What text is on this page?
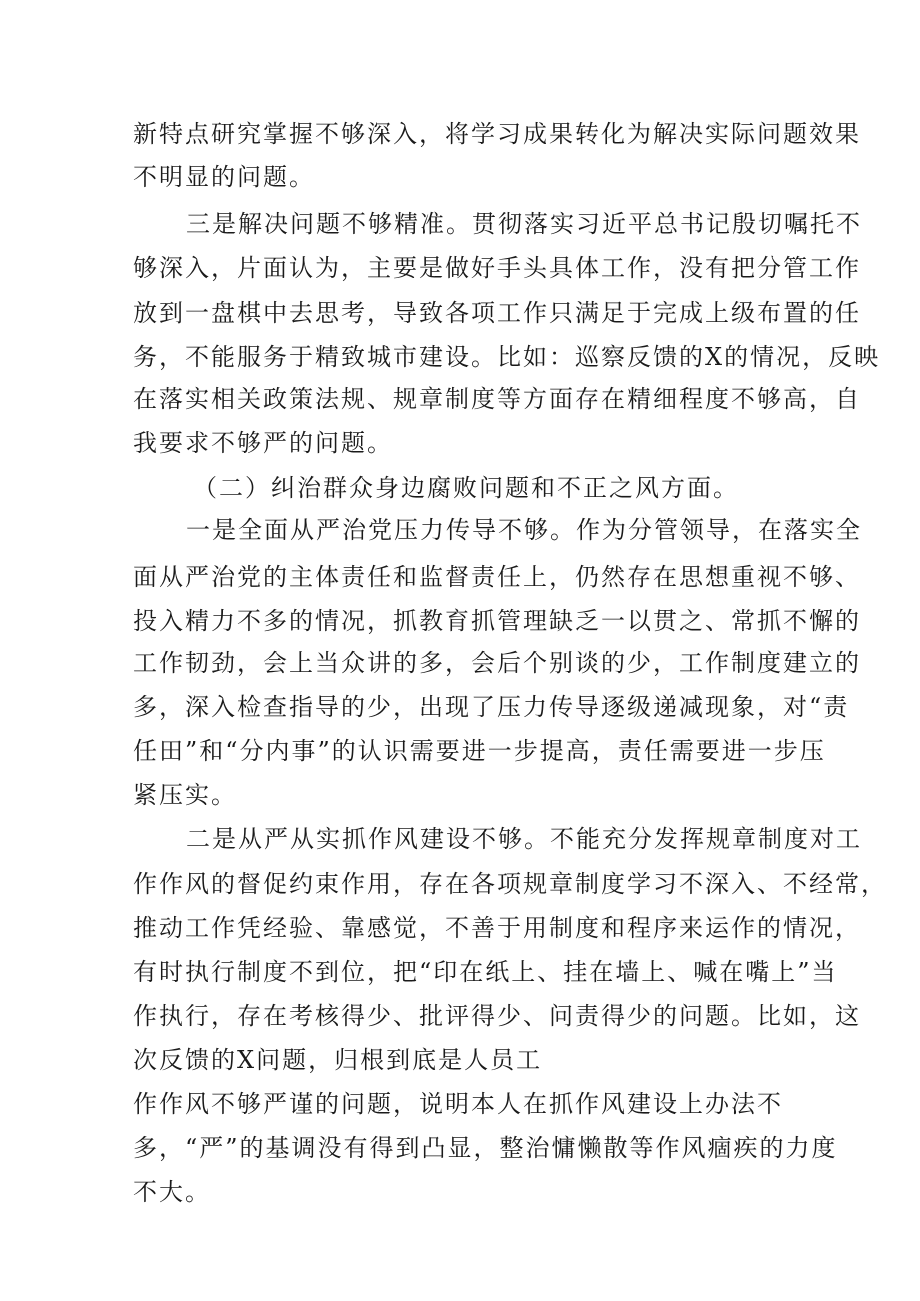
新特点研究掌握不够深入，将学习成果转化为解决实际问题效果
不明显的问题。
三是解决问题不够精准。贯彻落实习近平总书记殷切嘱托不
够深入，片面认为，主要是做好手头具体工作，没有把分管工作
放到一盘棋中去思考，导致各项工作只满足于完成上级布置的任
务，不能服务于精致城市建设。比如：巡察反馈的X的情况，反映
在落实相关政策法规、规章制度等方面存在精细程度不够高，自
我要求不够严的问题。
（二）纠治群众身边腐败问题和不正之风方面。
一是全面从严治党压力传导不够。作为分管领导，在落实全
面从严治党的主体责任和监督责任上，仍然存在思想重视不够、
投入精力不多的情况，抓教育抓管理缺乏一以贯之、常抓不懈的
工作韧劲，会上当众讲的多，会后个别谈的少，工作制度建立的
多，深入检查指导的少，出现了压力传导逐级递减现象，对“责
任田”和“分内事”的认识需要进一步提高，责任需要进一步压
紧压实。
二是从严从实抓作风建设不够。不能充分发挥规章制度对工
作作风的督促约束作用，存在各项规章制度学习不深入、不经常，
推动工作凭经验、靠感觉，不善于用制度和程序来运作的情况，
有时执行制度不到位，把“印在纸上、挂在墙上、喊在嘴上”当
作执行，存在考核得少、批评得少、问责得少的问题。比如，这
次反馈的X问题，归根到底是人员工
作作风不够严谨的问题，说明本人在抓作风建设上办法不
多，“严”的基调没有得到凸显，整治慵懒散等作风痼疾的力度
不大。
